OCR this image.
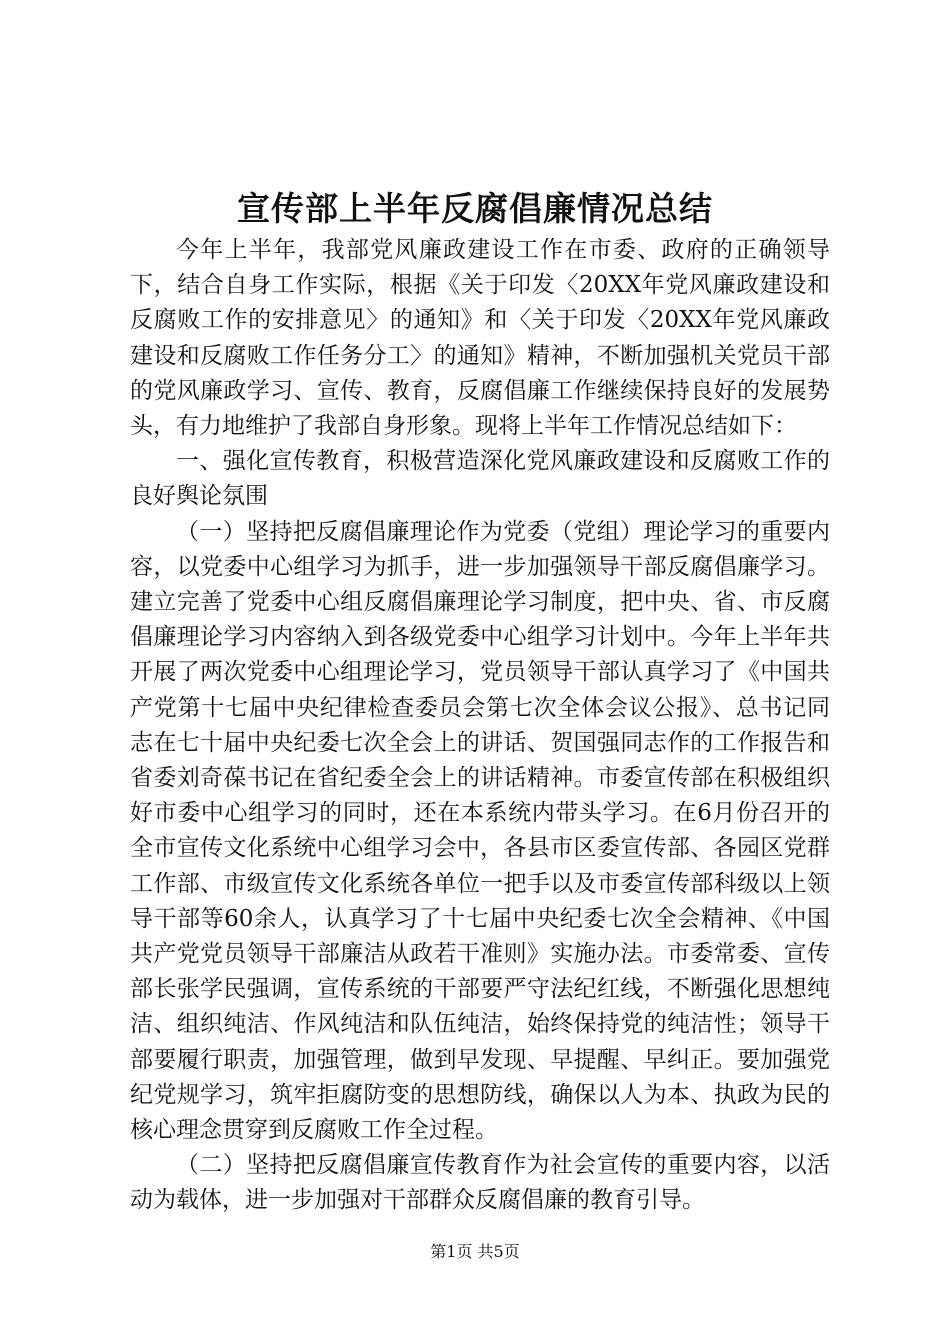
宣传部上半年反腐倡廉情况总结

今年上半年，我部党风廉政建设工作在市委、政府的正确领导下，结合自身工作实际，根据《关于印发〈20XX年党风廉政建设和反腐败工作的安排意见〉的通知》和〈关于印发〈20XX年党风廉政建设和反腐败工作任务分工〉的通知》精神，不断加强机关党员干部的党风廉政学习、宣传、教育，反腐倡廉工作继续保持良好的发展势头，有力地维护了我部自身形象。现将上半年工作情况总结如下：

一、强化宣传教育，积极营造深化党风廉政建设和反腐败工作的良好舆论氛围

（一）坚持把反腐倡廉理论作为党委（党组）理论学习的重要内容，以党委中心组学习为抓手，进一步加强领导干部反腐倡廉学习。建立完善了党委中心组反腐倡廉理论学习制度，把中央、省、市反腐倡廉理论学习内容纳入到各级党委中心组学习计划中。今年上半年共开展了两次党委中心组理论学习，党员领导干部认真学习了《中国共产党第十七届中央纪律检查委员会第七次全体会议公报》、总书记同志在七十届中央纪委七次全会上的讲话、贺国强同志作的工作报告和省委刘奇葆书记在省纪委全会上的讲话精神。市委宣传部在积极组织好市委中心组学习的同时，还在本系统内带头学习。在6月份召开的全市宣传文化系统中心组学习会中，各县市区委宣传部、各园区党群工作部、市级宣传文化系统各单位一把手以及市委宣传部科级以上领导干部等60余人，认真学习了十七届中央纪委七次全会精神、《中国共产党党员领导干部廉洁从政若干准则》实施办法。市委常委、宣传部长张学民强调，宣传系统的干部要严守法纪红线，不断强化思想纯洁、组织纯洁、作风纯洁和队伍纯洁，始终保持党的纯洁性；领导干部要履行职责，加强管理，做到早发现、早提醒、早纠正。要加强党纪党规学习，筑牢拒腐防变的思想防线，确保以人为本、执政为民的核心理念贯穿到反腐败工作全过程。

（二）坚持把反腐倡廉宣传教育作为社会宣传的重要内容，以活动为载体，进一步加强对干部群众反腐倡廉的教育引导。

第1页 共5页
